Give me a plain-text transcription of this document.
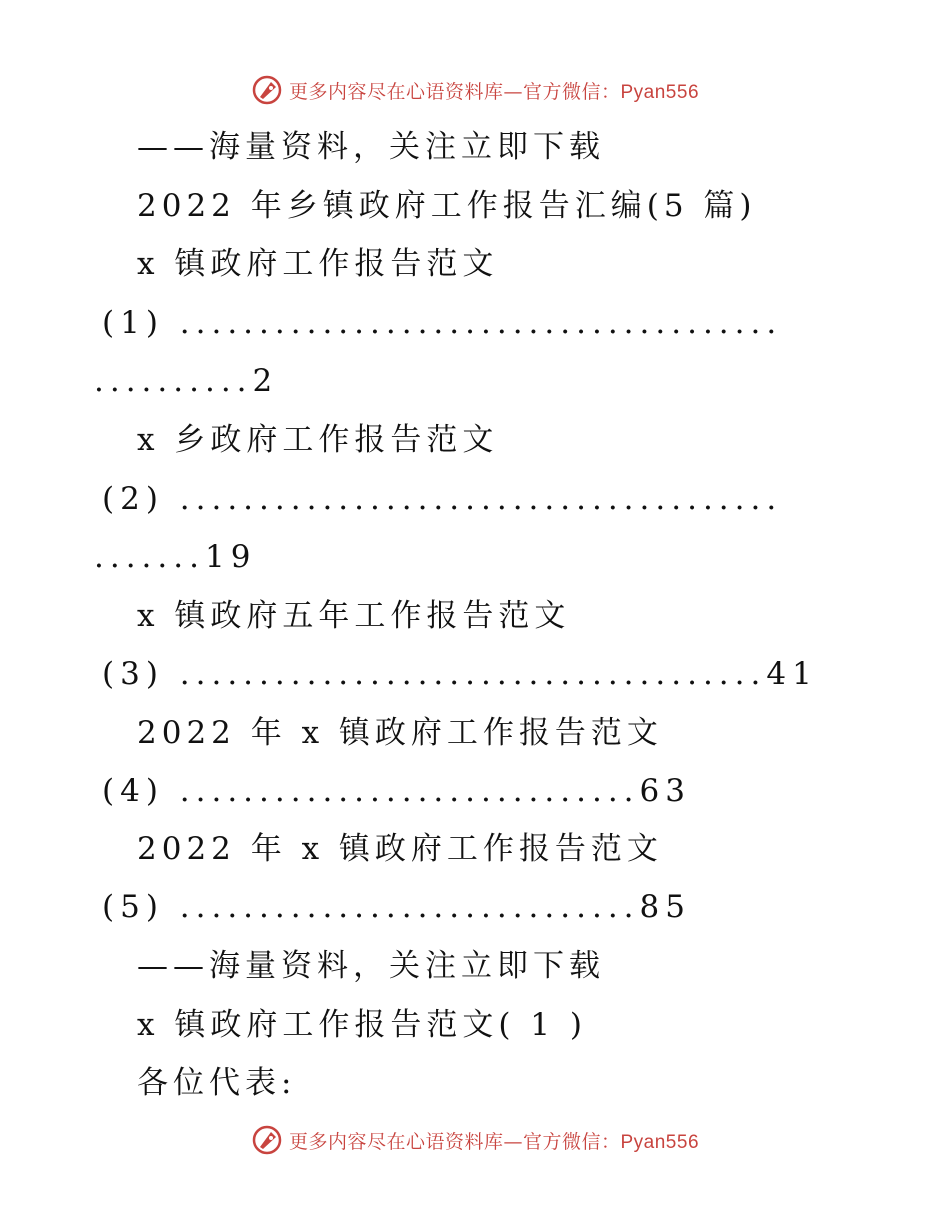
更多内容尽在心语资料库—官方微信：Pyan556
——海量资料，关注立即下载
2022 年乡镇政府工作报告汇编(5 篇)
x 镇政府工作报告范文
(1) ......................................
..........2
x 乡政府工作报告范文
(2) ......................................
.......19
x 镇政府五年工作报告范文
(3) .....................................41
2022 年 x 镇政府工作报告范文
(4) .............................63
2022 年 x 镇政府工作报告范文
(5) .............................85
——海量资料，关注立即下载
x 镇政府工作报告范文( 1 )
各位代表:
更多内容尽在心语资料库—官方微信：Pyan556
